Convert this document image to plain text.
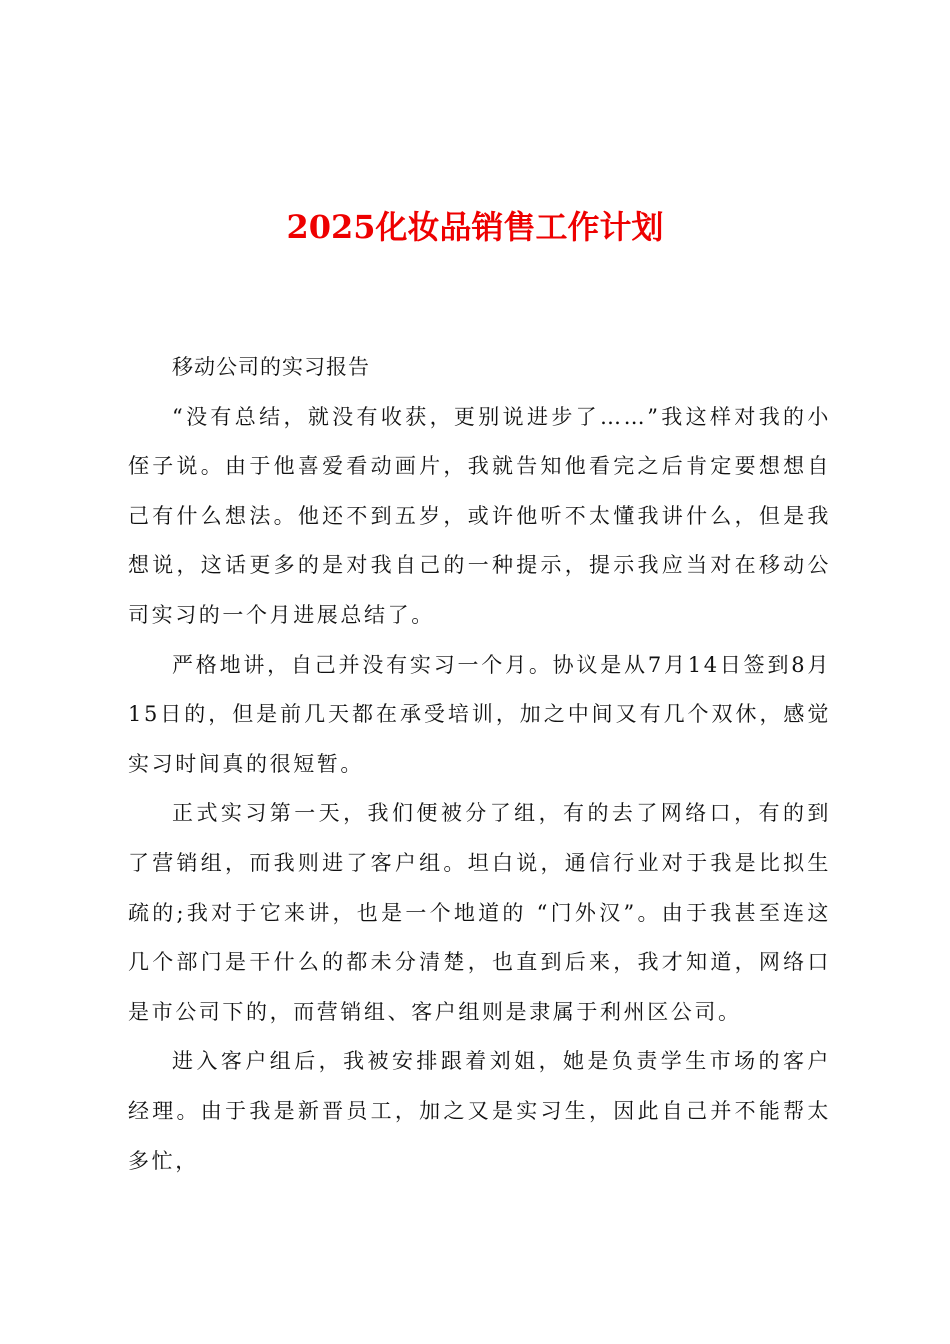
2025化妆品销售工作计划

移动公司的实习报告

“没有总结，就没有收获，更别说进步了……”我这样对我的小侄子说。由于他喜爱看动画片，我就告知他看完之后肯定要想想自己有什么想法。他还不到五岁，或许他听不太懂我讲什么，但是我想说，这话更多的是对我自己的一种提示，提示我应当对在移动公司实习的一个月进展总结了。

严格地讲，自己并没有实习一个月。协议是从7月14日签到8月15日的，但是前几天都在承受培训，加之中间又有几个双休，感觉实习时间真的很短暂。

正式实习第一天，我们便被分了组，有的去了网络口，有的到了营销组，而我则进了客户组。坦白说，通信行业对于我是比拟生疏的;我对于它来讲，也是一个地道的 “门外汉”。由于我甚至连这几个部门是干什么的都未分清楚，也直到后来，我才知道，网络口是市公司下的，而营销组、客户组则是隶属于利州区公司。

进入客户组后，我被安排跟着刘姐，她是负责学生市场的客户经理。由于我是新晋员工，加之又是实习生，因此自己并不能帮太多忙，
